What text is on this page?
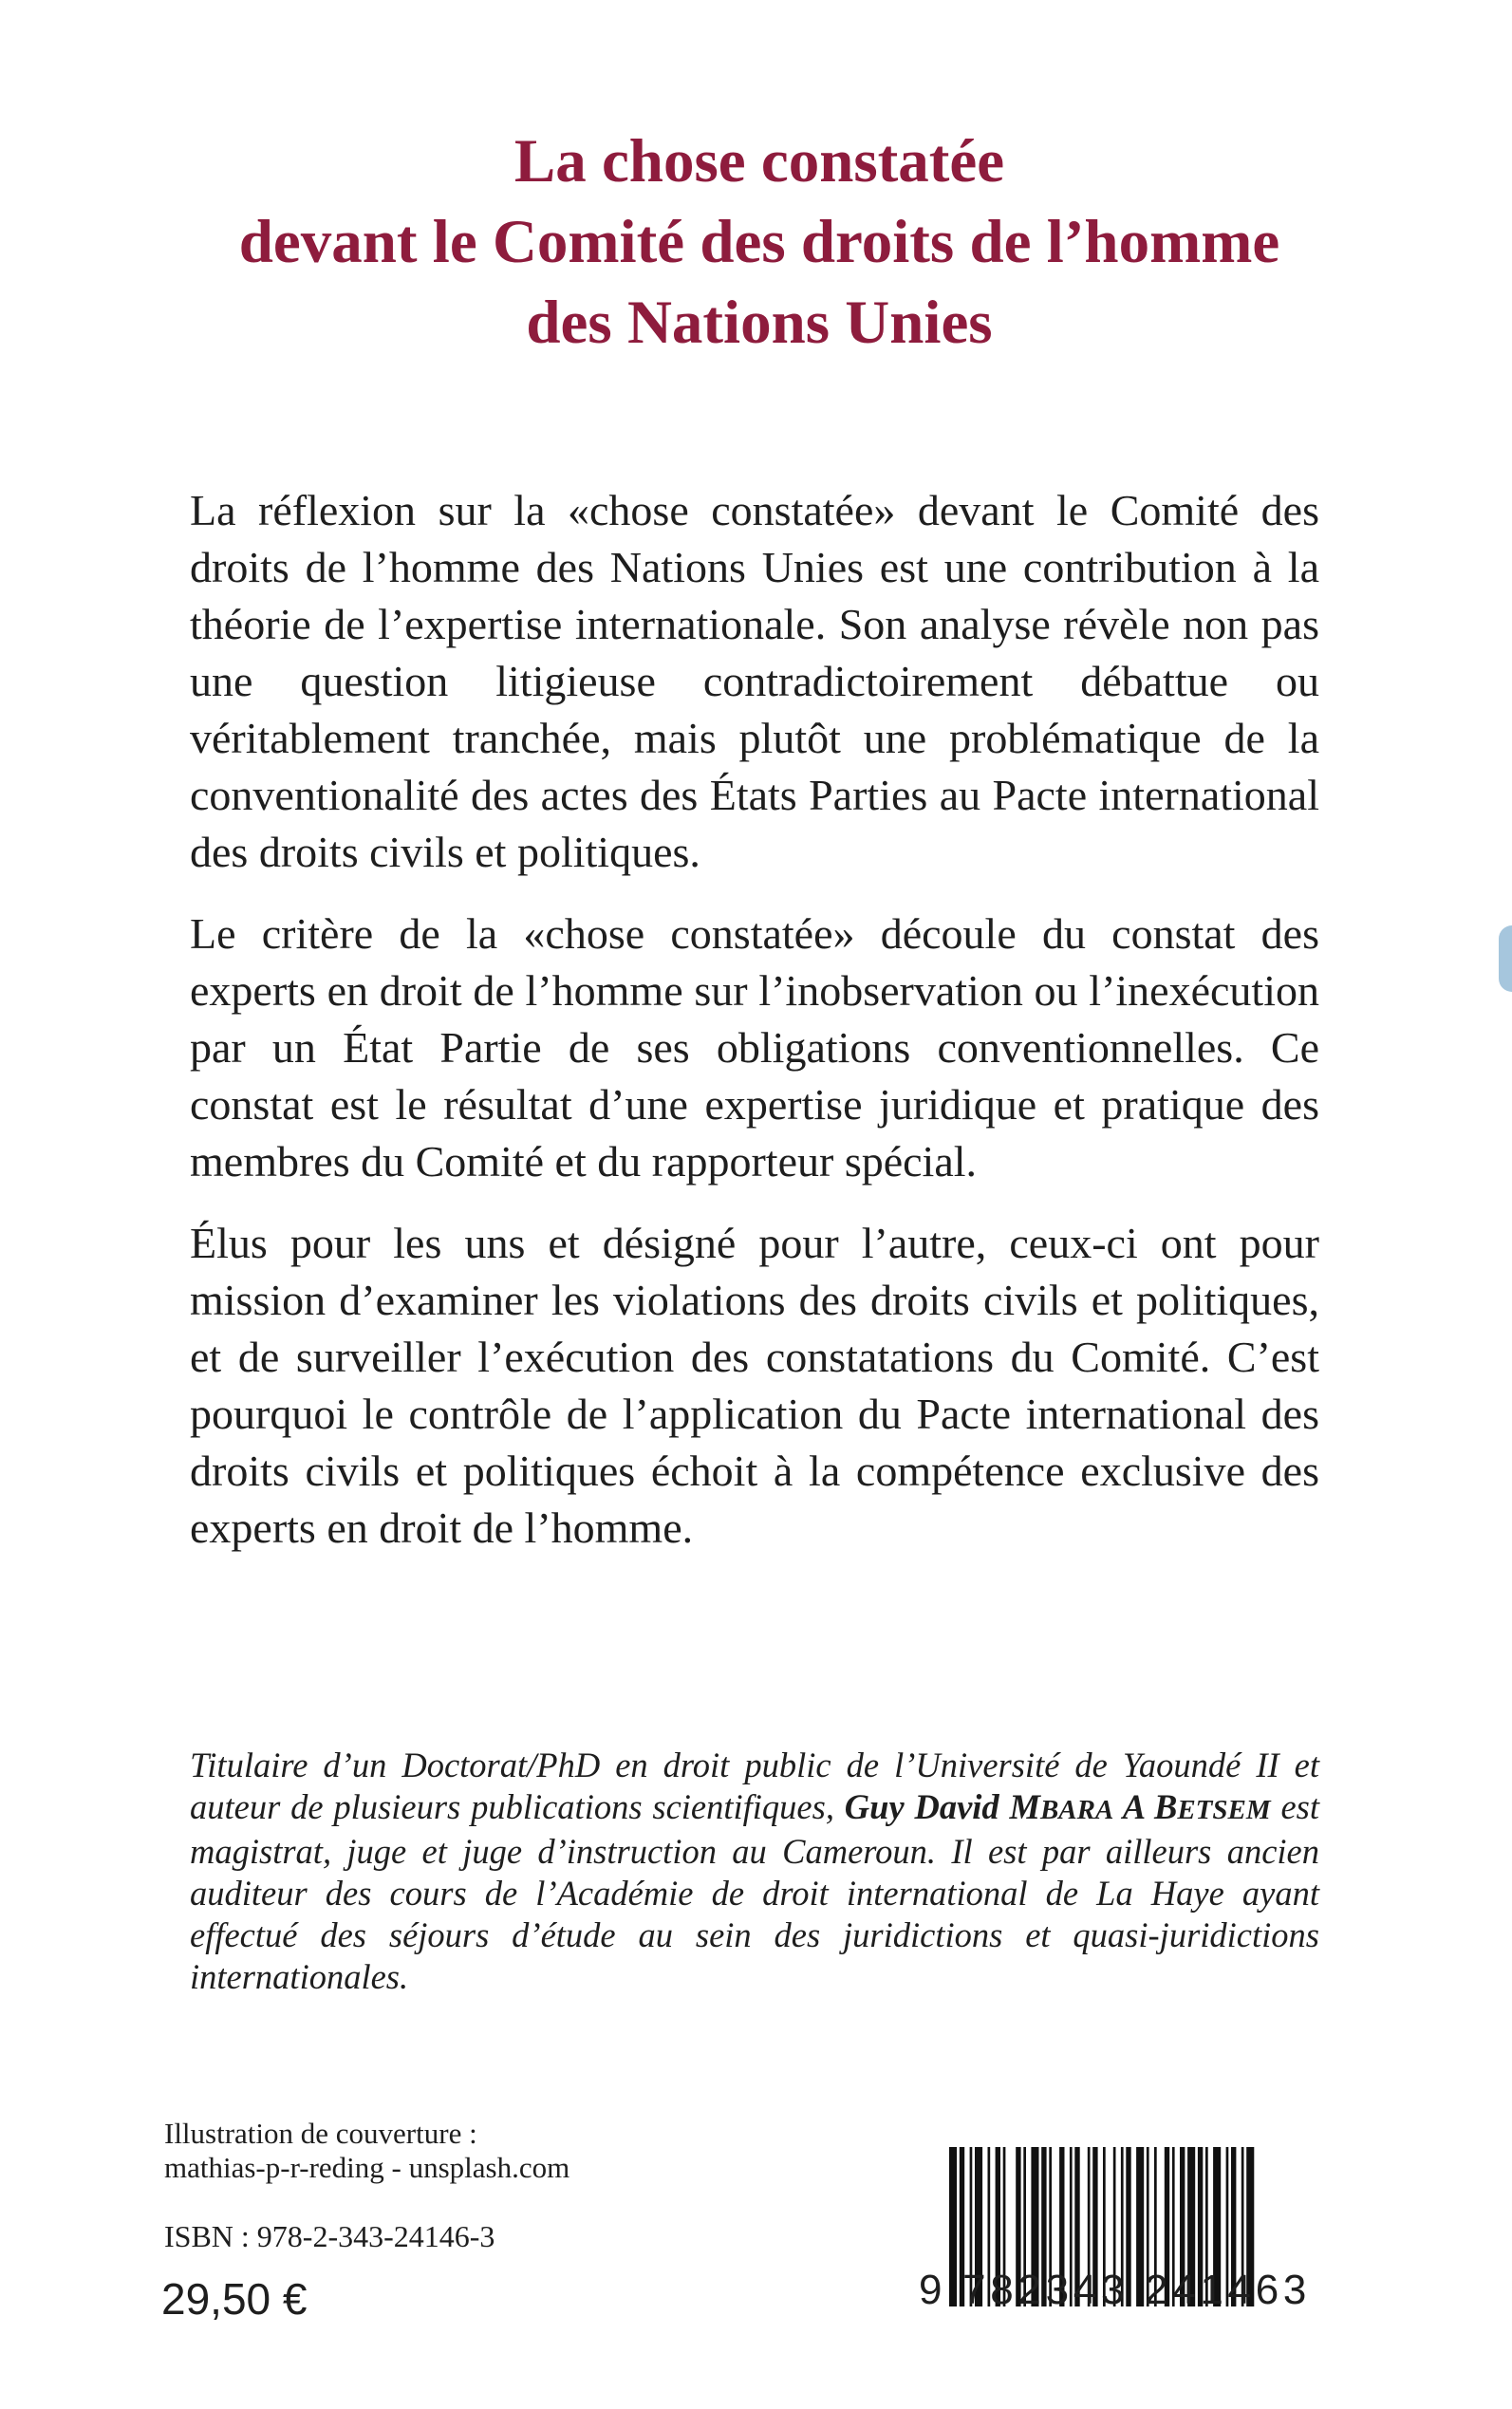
La chose constatée
devant le Comité des droits de l’homme
des Nations Unies

La réflexion sur la «chose constatée» devant le Comité des droits de l’homme des Nations Unies est une contribution à la théorie de l’expertise internationale. Son analyse révèle non pas une question litigieuse contradictoirement débattue ou véritablement tranchée, mais plutôt une problématique de la conventionalité des actes des États Parties au Pacte international des droits civils et politiques.

Le critère de la «chose constatée» découle du constat des experts en droit de l’homme sur l’inobservation ou l’inexécution par un État Partie de ses obligations conventionnelles. Ce constat est le résultat d’une expertise juridique et pratique des membres du Comité et du rapporteur spécial.

Élus pour les uns et désigné pour l’autre, ceux-ci ont pour mission d’examiner les violations des droits civils et politiques, et de surveiller l’exécution des constatations du Comité. C’est pourquoi le contrôle de l’application du Pacte international des droits civils et politiques échoit à la compétence exclusive des experts en droit de l’homme.

Titulaire d’un Doctorat/PhD en droit public de l’Université de Yaoundé II et auteur de plusieurs publications scientifiques, Guy David MBARA A BETSEM est magistrat, juge et juge d’instruction au Cameroun. Il est par ailleurs ancien auditeur des cours de l’Académie de droit international de La Haye ayant effectué des séjours d’étude au sein des juridictions et quasi-juridictions internationales.
Illustration de couverture :
mathias-p-r-reding - unsplash.com
ISBN : 978-2-343-24146-3
29,50 €	9 782343 241463
